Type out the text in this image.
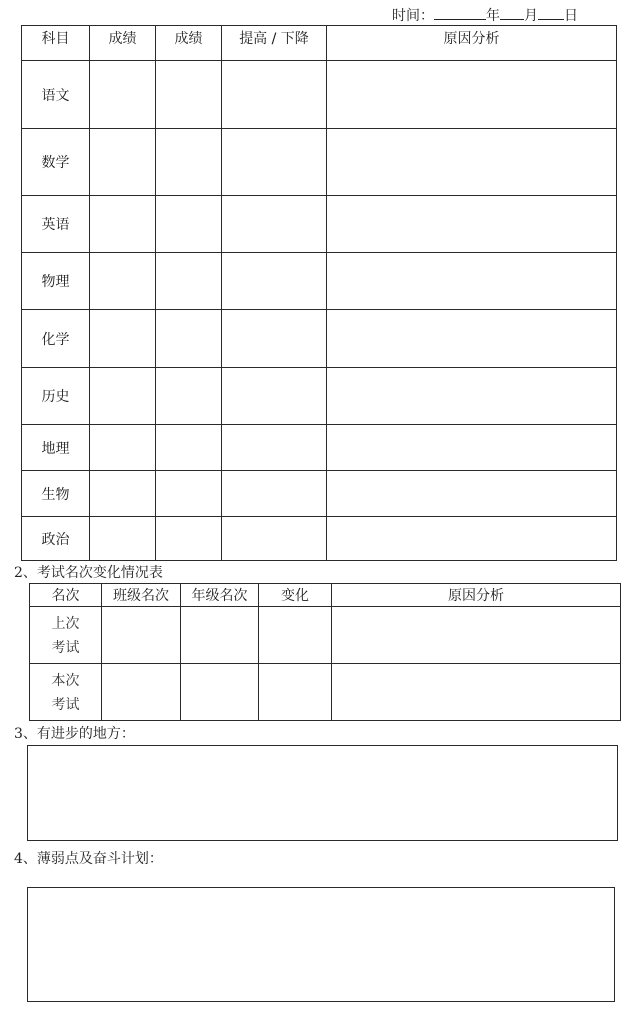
时间：	年 月 日
科目	成绩	成绩	提高 / 下降	原因分析
语文				
数学				
英语				
物理				
化学				
历史				
地理				
生物				
政治				
2、考试名次变化情况表
名次	班级名次	年级名次	变化	原因分析

上次
考试				

本次
考试				

3、有进步的地方：
4、薄弱点及奋斗计划：
